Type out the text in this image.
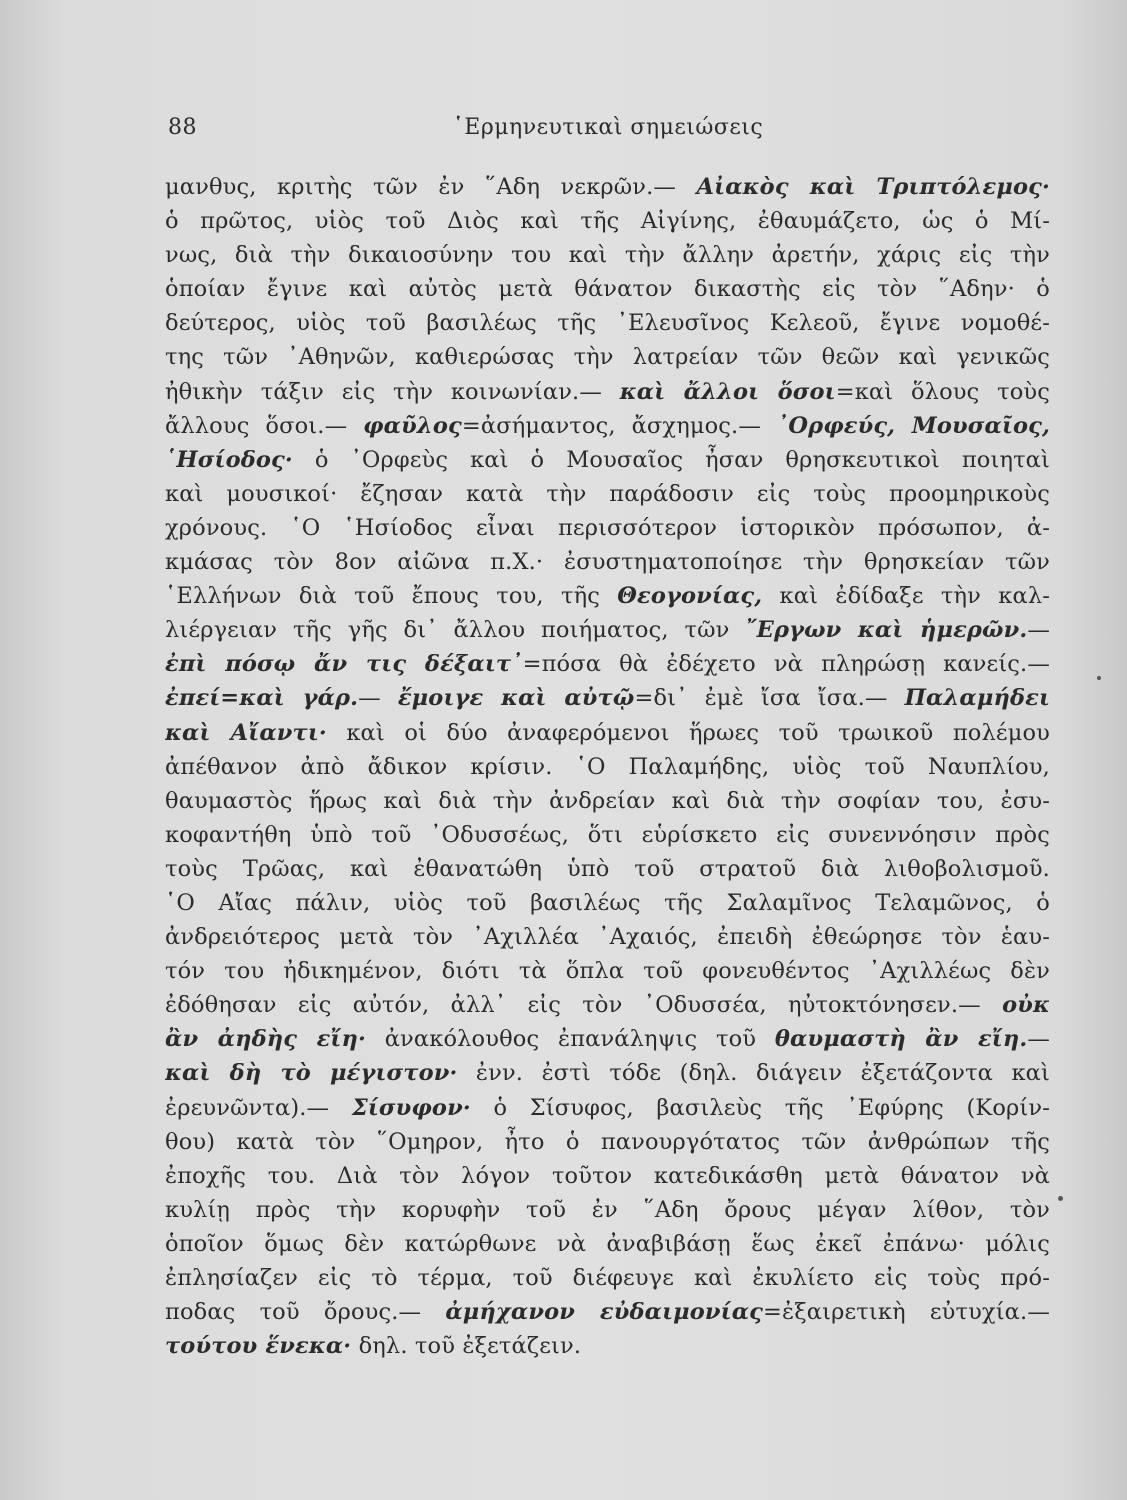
88	῾Ερμηνευτικαὶ σημειώσεις
μανθυς, κριτὴς τῶν ἐν ῞Αδη νεκρῶν.— Αἰακὸς καὶ Τριπτόλεμος·
ὁ πρῶτος, υἱὸς τοῦ Διὸς καὶ τῆς Αἰγίνης, ἐθαυμάζετο, ὡς ὁ Μί-
νως, διὰ τὴν δικαιοσύνην του καὶ τὴν ἄλλην ἀρετήν, χάρις εἰς τὴν
ὁποίαν ἔγινε καὶ αὐτὸς μετὰ θάνατον δικαστὴς εἰς τὸν ῞Αδην· ὁ
δεύτερος, υἱὸς τοῦ βασιλέως τῆς ᾿Ελευσῖνος Κελεοῦ, ἔγινε νομοθέ-
της τῶν ᾿Αθηνῶν, καθιερώσας τὴν λατρείαν τῶν θεῶν καὶ γενικῶς
ἠθικὴν τάξιν εἰς τὴν κοινωνίαν.— καὶ ἄλλοι ὅσοι=καὶ ὅλους τοὺς
ἄλλους ὅσοι.— φαῦλος=ἀσήμαντος, ἄσχημος.— ᾿Ορφεύς, Μουσαῖος,
῾Ησίοδος· ὁ ᾿Ορφεὺς καὶ ὁ Μουσαῖος ἦσαν θρησκευτικοὶ ποιηταὶ
καὶ μουσικοί· ἔζησαν κατὰ τὴν παράδοσιν εἰς τοὺς προομηρικοὺς
χρόνους. ῾Ο ῾Ησίοδος εἶναι περισσότερον ἱστορικὸν πρόσωπον, ἀ-
κμάσας τὸν 8ον αἰῶνα π.Χ.· ἐσυστηματοποίησε τὴν θρησκείαν τῶν
῾Ελλήνων διὰ τοῦ ἔπους του, τῆς Θεογονίας, καὶ ἐδίδαξε τὴν καλ-
λιέργειαν τῆς γῆς δι᾿ ἄλλου ποιήματος, τῶν ῎Εργων καὶ ἡμερῶν.—
ἐπὶ πόσῳ ἄν τις δέξαιτ᾿=πόσα θὰ ἐδέχετο νὰ πληρώσῃ κανείς.—
ἐπεί=καὶ γάρ.— ἔμοιγε καὶ αὐτῷ=δι᾿ ἐμὲ ἴσα ἴσα.— Παλαμήδει
καὶ Αἴαντι· καὶ οἱ δύο ἀναφερόμενοι ἥρωες τοῦ τρωικοῦ πολέμου
ἀπέθανον ἀπὸ ἄδικον κρίσιν. ῾Ο Παλαμήδης, υἱὸς τοῦ Ναυπλίου,
θαυμαστὸς ἥρως καὶ διὰ τὴν ἀνδρείαν καὶ διὰ τὴν σοφίαν του, ἐσυ-
κοφαντήθη ὑπὸ τοῦ ᾿Οδυσσέως, ὅτι εὑρίσκετο εἰς συνεννόησιν πρὸς
τοὺς Τρῶας, καὶ ἐθανατώθη ὑπὸ τοῦ στρατοῦ διὰ λιθοβολισμοῦ.
῾Ο Αἴας πάλιν, υἱὸς τοῦ βασιλέως τῆς Σαλαμῖνος Τελαμῶνος, ὁ
ἀνδρειότερος μετὰ τὸν ᾿Αχιλλέα ᾿Αχαιός, ἐπειδὴ ἐθεώρησε τὸν ἑαυ-
τόν του ἠδικημένον, διότι τὰ ὅπλα τοῦ φονευθέντος ᾿Αχιλλέως δὲν
ἐδόθησαν εἰς αὐτόν, ἀλλ᾿ εἰς τὸν ᾿Οδυσσέα, ηὐτοκτόνησεν.— οὐκ
ἂν ἀηδὴς εἴη· ἀνακόλουθος ἐπανάληψις τοῦ θαυμαστὴ ἂν εἴη.—
καὶ δὴ τὸ μέγιστον· ἐνν. ἐστὶ τόδε (δηλ. διάγειν ἐξετάζοντα καὶ
ἐρευνῶντα).— Σίσυφον· ὁ Σίσυφος, βασιλεὺς τῆς ᾿Εφύρης (Κορίν-
θου) κατὰ τὸν ῞Ομηρον, ἦτο ὁ πανουργότατος τῶν ἀνθρώπων τῆς
ἐποχῆς του. Διὰ τὸν λόγον τοῦτον κατεδικάσθη μετὰ θάνατον νὰ
κυλίῃ πρὸς τὴν κορυφὴν τοῦ ἐν ῞Αδη ὄρους μέγαν λίθον, τὸν
ὁποῖον ὅμως δὲν κατώρθωνε νὰ ἀναβιβάσῃ ἕως ἐκεῖ ἐπάνω· μόλις
ἐπλησίαζεν εἰς τὸ τέρμα, τοῦ διέφευγε καὶ ἐκυλίετο εἰς τοὺς πρό-
ποδας τοῦ ὄρους.— ἀμήχανον εὐδαιμονίας=ἐξαιρετικὴ εὐτυχία.—
τούτου ἕνεκα· δηλ. τοῦ ἐξετάζειν.
